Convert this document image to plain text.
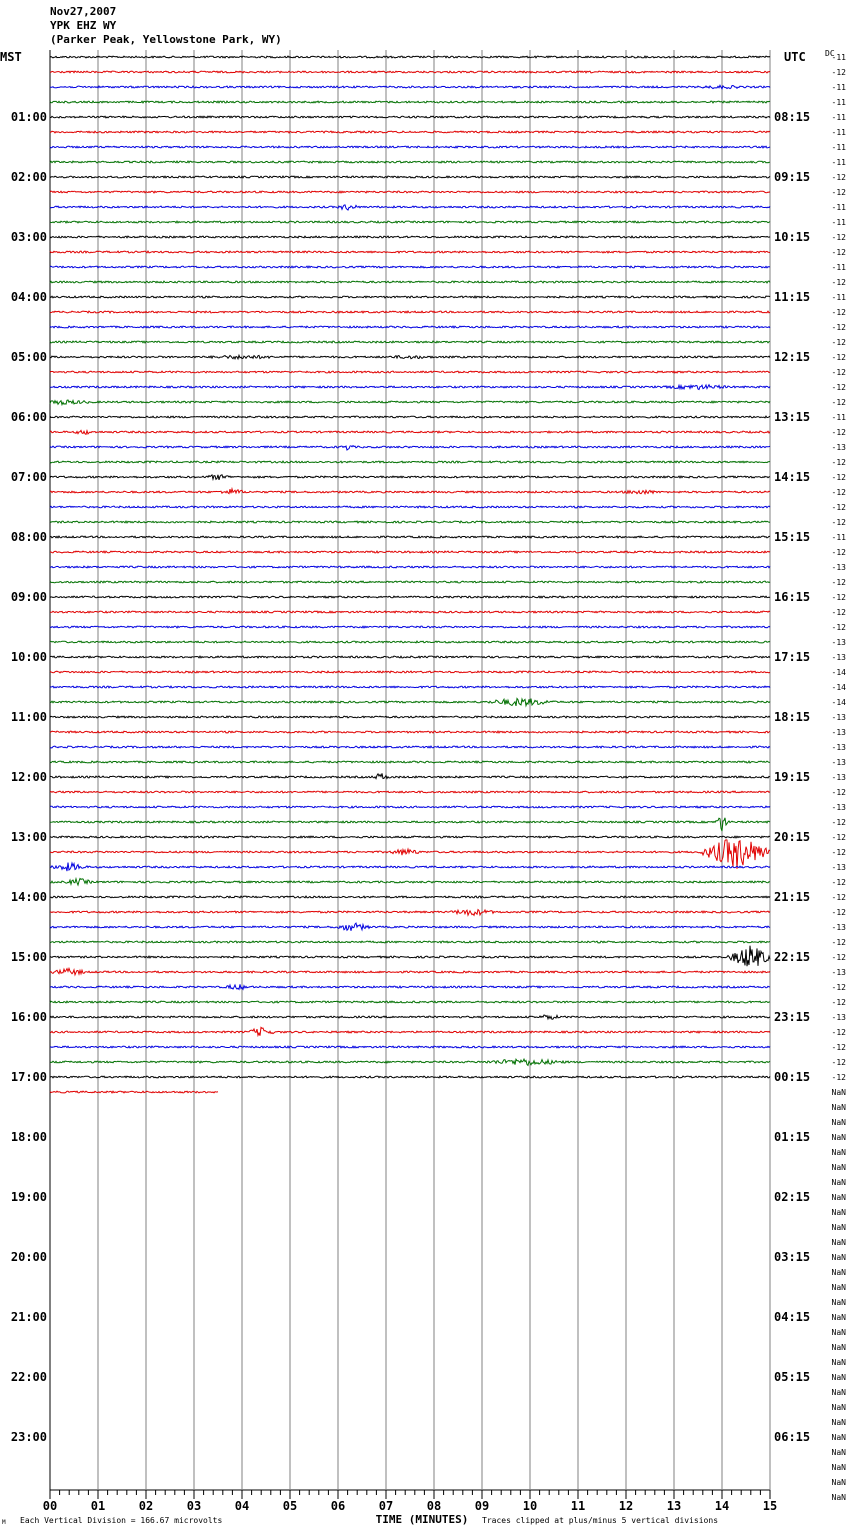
Nov27,2007
YPK EHZ WY
(Parker Peak, Yellowstone Park, WY)
00	01	02	03	04	05	06	07	08	09	10	11	12	13	14	15
MST	UTC
01:00
02:00
03:00
04:00
05:00
06:00
07:00
08:00
09:00
10:00
11:00
12:00
13:00
14:00
15:00
16:00
17:00
18:00
19:00
20:00
21:00
22:00
23:00
08:15
09:15
10:15
11:15
12:15
13:15
14:15
15:15
16:15
17:15
18:15
19:15
20:15
21:15
22:15
23:15
00:15
01:15
02:15
03:15
04:15
05:15
06:15
DC
-11
-12
-11
-11
-11
-11
-11
-11
-12
-12
-11
-11
-12
-12
-11
-12
-11
-12
-12
-12
-12
-12
-12
-12
-11
-12
-13
-12
-12
-12
-12
-12
-11
-12
-13
-12
-12
-12
-12
-13
-13
-14
-14
-14
-13
-13
-13
-13
-13
-12
-13
-12
-12
-12
-13
-12
-12
-12
-13
-12
-12
-13
-12
-12
-13
-12
-12
-12
-12
NaN
NaN
NaN
NaN
NaN
NaN
NaN
NaN
NaN
NaN
NaN
NaN
NaN
NaN
NaN
NaN
NaN
NaN
NaN
NaN
NaN
NaN
NaN
NaN
NaN
NaN
NaN
NaN
M Each Vertical Division = 166.67 microvolts	TIME (MINUTES) Traces clipped at plus/minus 5 vertical divisions
